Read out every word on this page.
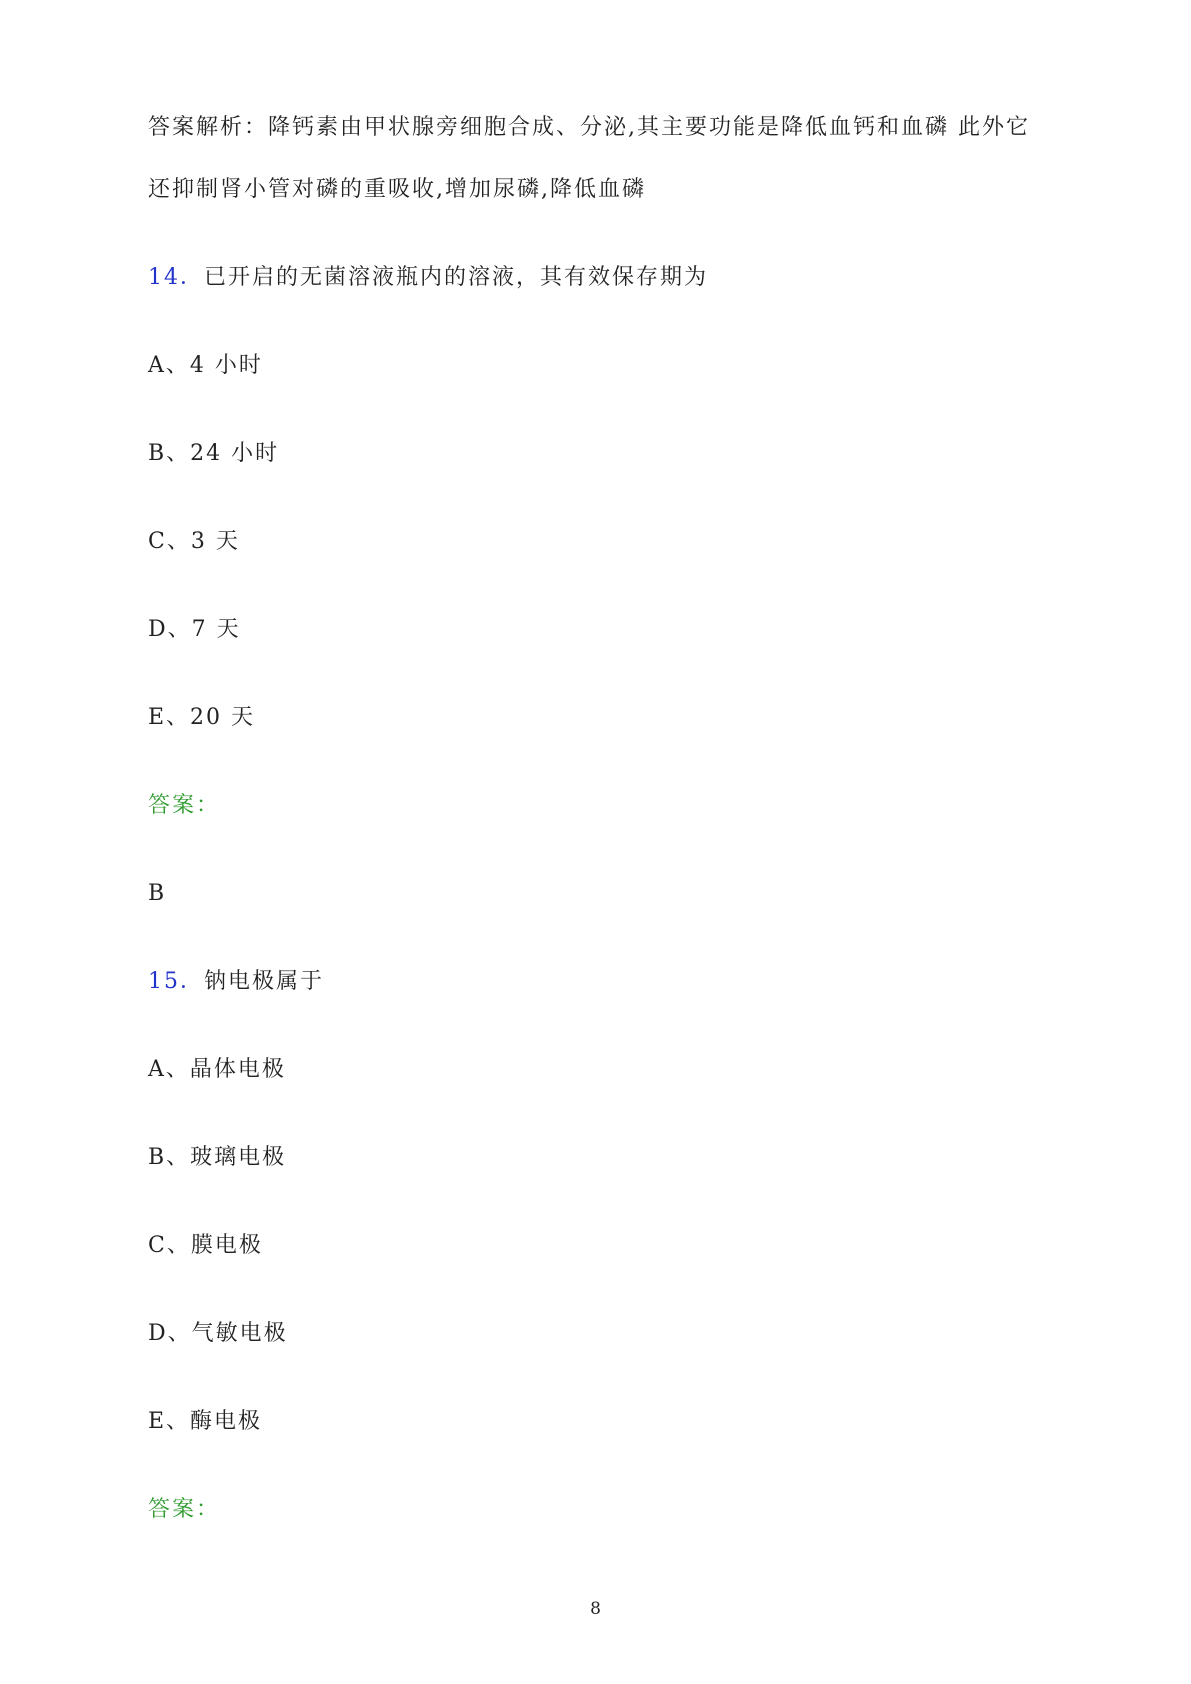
答案解析：降钙素由甲状腺旁细胞合成、分泌,其主要功能是降低血钙和血磷 此外它
还抑制肾小管对磷的重吸收,增加尿磷,降低血磷
14．已开启的无菌溶液瓶内的溶液，其有效保存期为
A、4 小时
B、24 小时
C、3 天
D、7 天
E、20 天
答案：
B
15．钠电极属于
A、晶体电极
B、玻璃电极
C、膜电极
D、气敏电极
E、酶电极
答案：
8
